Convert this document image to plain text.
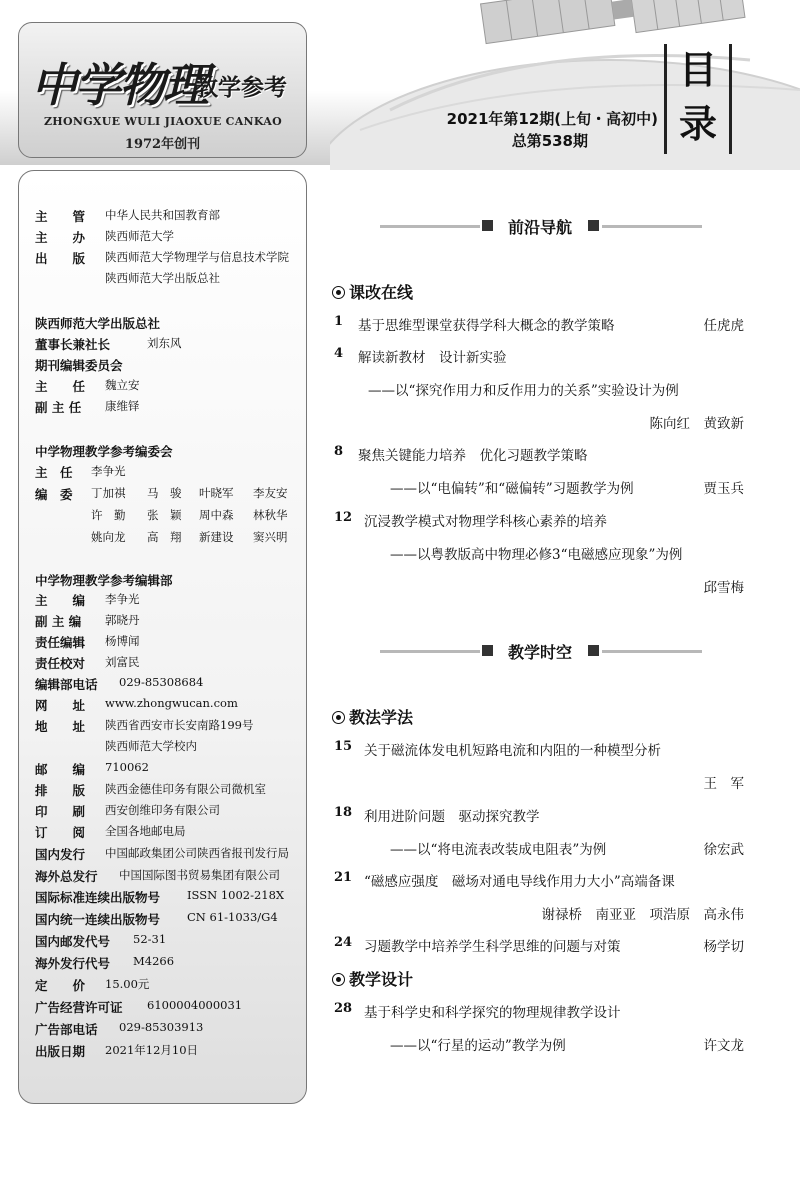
中学物理
教学参考
ZHONGXUE WULI JIAOXUE CANKAO
1972年创刊
2021年第12期(上旬・高初中)
总第538期
目
录
主　　管 中华人民共和国教育部
主　　办 陕西师范大学
出　　版 陕西师范大学物理学与信息技术学院
陕西师范大学出版总社
陕西师范大学出版总社
董事长兼社长	刘东风
期刊编辑委员会
主　　任 魏立安
副 主 任 康维铎
中学物理教学参考编委会
主　任 李争光
编　委 丁加祺 马　骏 叶晓军 李友安
许　勤 张　颖 周中森 林秋华
姚向龙 高　翔 新建设 窦兴明
中学物理教学参考编辑部
主　　编 李争光
副 主 编 郭晓丹
责任编辑 杨博闻
责任校对 刘富民
编辑部电话 029-85308684
网　　址 www.zhongwucan.com
地　　址 陕西省西安市长安南路199号
陕西师范大学校内
邮　　编 710062
排　　版 陕西金德佳印务有限公司微机室
印　　刷 西安创维印务有限公司
订　　阅 全国各地邮电局
国内发行 中国邮政集团公司陕西省报刊发行局
海外总发行 中国国际图书贸易集团有限公司
国际标准连续出版物号 ISSN 1002-218X
国内统一连续出版物号 CN 61-1033/G4
国内邮发代号 52-31
海外发行代号 M4266
定　　价 15.00元
广告经营许可证 6100004000031
广告部电话 029-85303913
出版日期 2021年12月10日
前沿导航
课改在线
1 基于思维型课堂获得学科大概念的教学策略	任虎虎
4 解读新教材　设计新实验
——以“探究作用力和反作用力的关系”实验设计为例
陈向红　黄致新
8 聚焦关键能力培养　优化习题教学策略
——以“电偏转”和“磁偏转”习题教学为例	贾玉兵
12 沉浸教学模式对物理学科核心素养的培养
——以粤教版高中物理必修3“电磁感应现象”为例
邱雪梅
教学时空
教法学法
15 关于磁流体发电机短路电流和内阻的一种模型分析
王　军
18 利用进阶问题　驱动探究教学
——以“将电流表改装成电阻表”为例	徐宏武
21 “磁感应强度　磁场对通电导线作用力大小”高端备课
谢禄桥　南亚亚　项浩原　高永伟
24 习题教学中培养学生科学思维的问题与对策	杨学切
教学设计
28 基于科学史和科学探究的物理规律教学设计
——以“行星的运动”教学为例	许文龙
